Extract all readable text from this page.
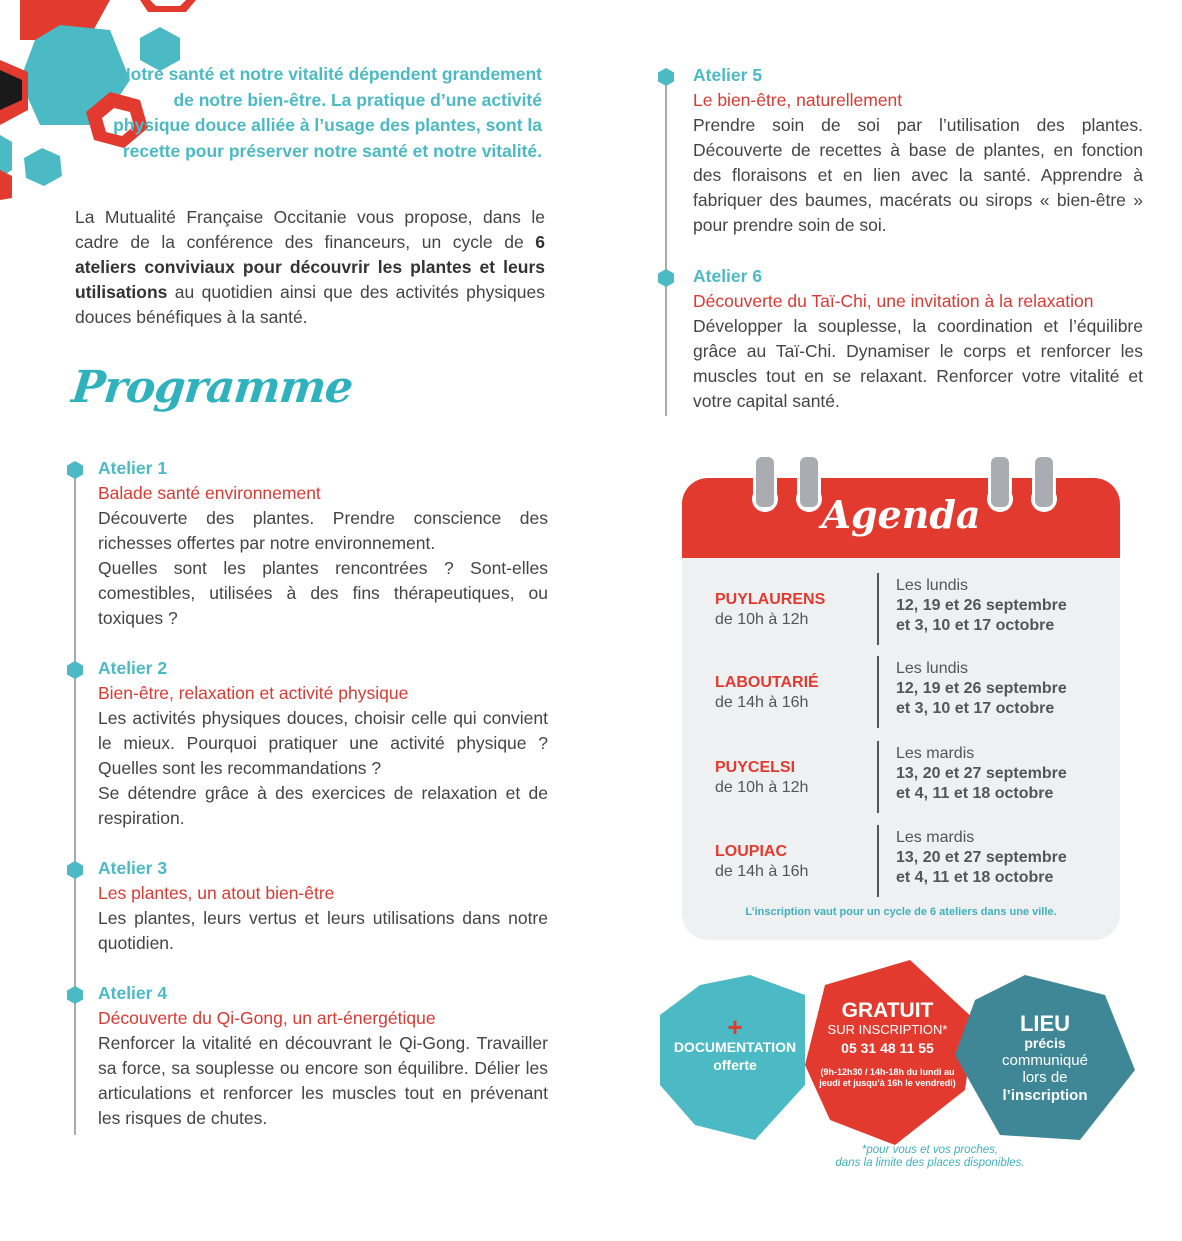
Notre santé et notre vitalité dépendent grandement de notre bien-être. La pratique d’une activité physique douce alliée à l’usage des plantes, sont la recette pour préserver notre santé et notre vitalité.

La Mutualité Française Occitanie vous propose, dans le cadre de la conférence des financeurs, un cycle de 6 ateliers conviviaux pour découvrir les plantes et leurs utilisations au quotidien ainsi que des activités physiques douces bénéfiques à la santé.

Programme
Atelier 1
Balade santé environnement

Découverte des plantes. Prendre conscience des richesses offertes par notre environnement.

Quelles sont les plantes rencontrées ? Sont-elles comestibles, utilisées à des fins thérapeutiques, ou toxiques ?

Atelier 2
Bien-être, relaxation et activité physique

Les activités physiques douces, choisir celle qui convient le mieux. Pourquoi pratiquer une activité physique ? Quelles sont les recommandations ?

Se détendre grâce à des exercices de relaxation et de respiration.

Atelier 3
Les plantes, un atout bien-être

Les plantes, leurs vertus et leurs utilisations dans notre quotidien.

Atelier 4
Découverte du Qi-Gong, un art-énergétique

Renforcer la vitalité en découvrant le Qi-Gong. Travailler sa force, sa souplesse ou encore son équilibre. Délier les articulations et renforcer les muscles tout en prévenant les risques de chutes.

Atelier 5
Le bien-être, naturellement

Prendre soin de soi par l’utilisation des plantes. Découverte de recettes à base de plantes, en fonction des floraisons et en lien avec la santé. Apprendre à fabriquer des baumes, macérats ou sirops « bien-être » pour prendre soin de soi.

Atelier 6
Découverte du Taï-Chi, une invitation à la relaxation

Développer la souplesse, la coordination et l’équilibre grâce au Taï-Chi. Dynamiser le corps et renforcer les muscles tout en se relaxant. Renforcer votre vitalité et votre capital santé.

Agenda
PUYLAURENS
de 10h à 12h
Les lundis
12, 19 et 26 septembre
et 3, 10 et 17 octobre
LABOUTARIÉ
de 14h à 16h
Les lundis
12, 19 et 26 septembre
et 3, 10 et 17 octobre
PUYCELSI
de 10h à 12h
Les mardis
13, 20 et 27 septembre
et 4, 11 et 18 octobre
LOUPIAC
de 14h à 16h
Les mardis
13, 20 et 27 septembre
et 4, 11 et 18 octobre
L’inscription vaut pour un cycle de 6 ateliers dans une ville.
+
DOCUMENTATION
offerte
GRATUIT
SUR INSCRIPTION*
05 31 48 11 55
(9h-12h30 / 14h-18h du lundi au jeudi et jusqu’à 16h le vendredi)
LIEU
précis
communiqué
lors de
l’inscription
*pour vous et vos proches,
dans la limite des places disponibles.
